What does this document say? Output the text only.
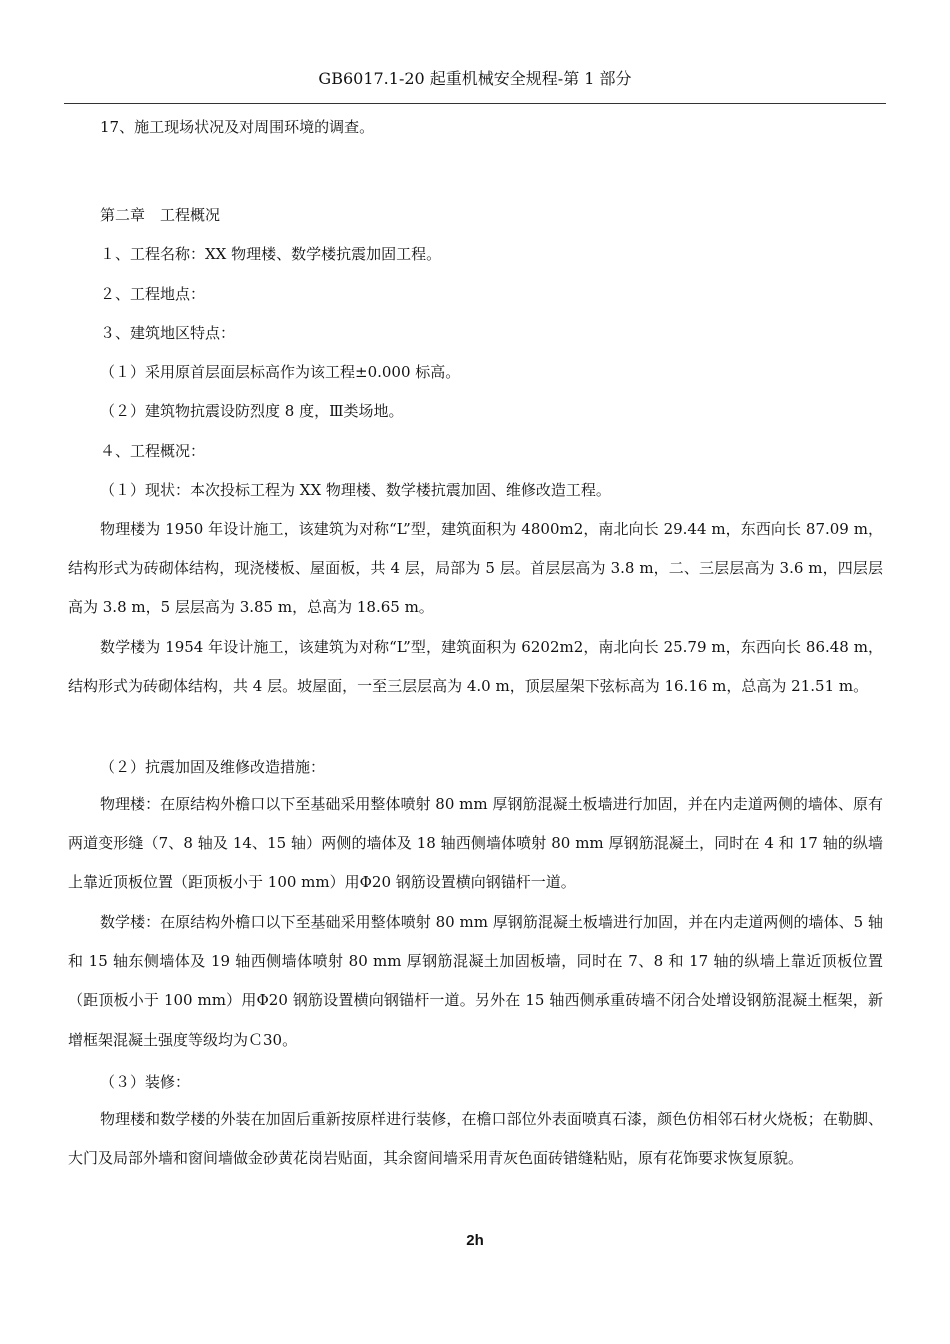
GB6017.1-20 起重机械安全规程-第 1 部分
17、施工现场状况及对周围环境的调查。
第二章　工程概况
１、工程名称：XX 物理楼、数学楼抗震加固工程。
２、工程地点：
３、建筑地区特点：
（１）采用原首层面层标高作为该工程±0.000 标高。
（２）建筑物抗震设防烈度 8 度，Ⅲ类场地。
４、工程概况：
（１）现状：本次投标工程为 XX 物理楼、数学楼抗震加固、维修改造工程。
物理楼为 1950 年设计施工，该建筑为对称“L”型，建筑面积为 4800m2，南北向长 29.44 m，东西向长 87.09 m，结构形式为砖砌体结构，现浇楼板、屋面板，共 4 层，局部为 5 层。首层层高为 3.8 m，二、三层层高为 3.6 m，四层层高为 3.8 m，5 层层高为 3.85 m，总高为 18.65 m。
数学楼为 1954 年设计施工，该建筑为对称“L”型，建筑面积为 6202m2，南北向长 25.79 m，东西向长 86.48 m，结构形式为砖砌体结构，共 4 层。坡屋面，一至三层层高为 4.0 m，顶层屋架下弦标高为 16.16 m，总高为 21.51 m。
（２）抗震加固及维修改造措施：
物理楼：在原结构外檐口以下至基础采用整体喷射 80 mm 厚钢筋混凝土板墙进行加固，并在内走道两侧的墙体、原有两道变形缝（7、8 轴及 14、15 轴）两侧的墙体及 18 轴西侧墙体喷射 80 mm 厚钢筋混凝土，同时在 4 和 17 轴的纵墙上靠近顶板位置（距顶板小于 100 mm）用Φ20 钢筋设置横向钢锚杆一道。
数学楼：在原结构外檐口以下至基础采用整体喷射 80 mm 厚钢筋混凝土板墙进行加固，并在内走道两侧的墙体、5 轴和 15 轴东侧墙体及 19 轴西侧墙体喷射 80 mm 厚钢筋混凝土加固板墙，同时在 7、8 和 17 轴的纵墙上靠近顶板位置（距顶板小于 100 mm）用Φ20 钢筋设置横向钢锚杆一道。另外在 15 轴西侧承重砖墙不闭合处增设钢筋混凝土框架，新增框架混凝土强度等级均为Ｃ30。
（３）装修：
物理楼和数学楼的外装在加固后重新按原样进行装修，在檐口部位外表面喷真石漆，颜色仿相邻石材火烧板；在勒脚、大门及局部外墙和窗间墙做金砂黄花岗岩贴面，其余窗间墙采用青灰色面砖错缝粘贴，原有花饰要求恢复原貌。
2h
